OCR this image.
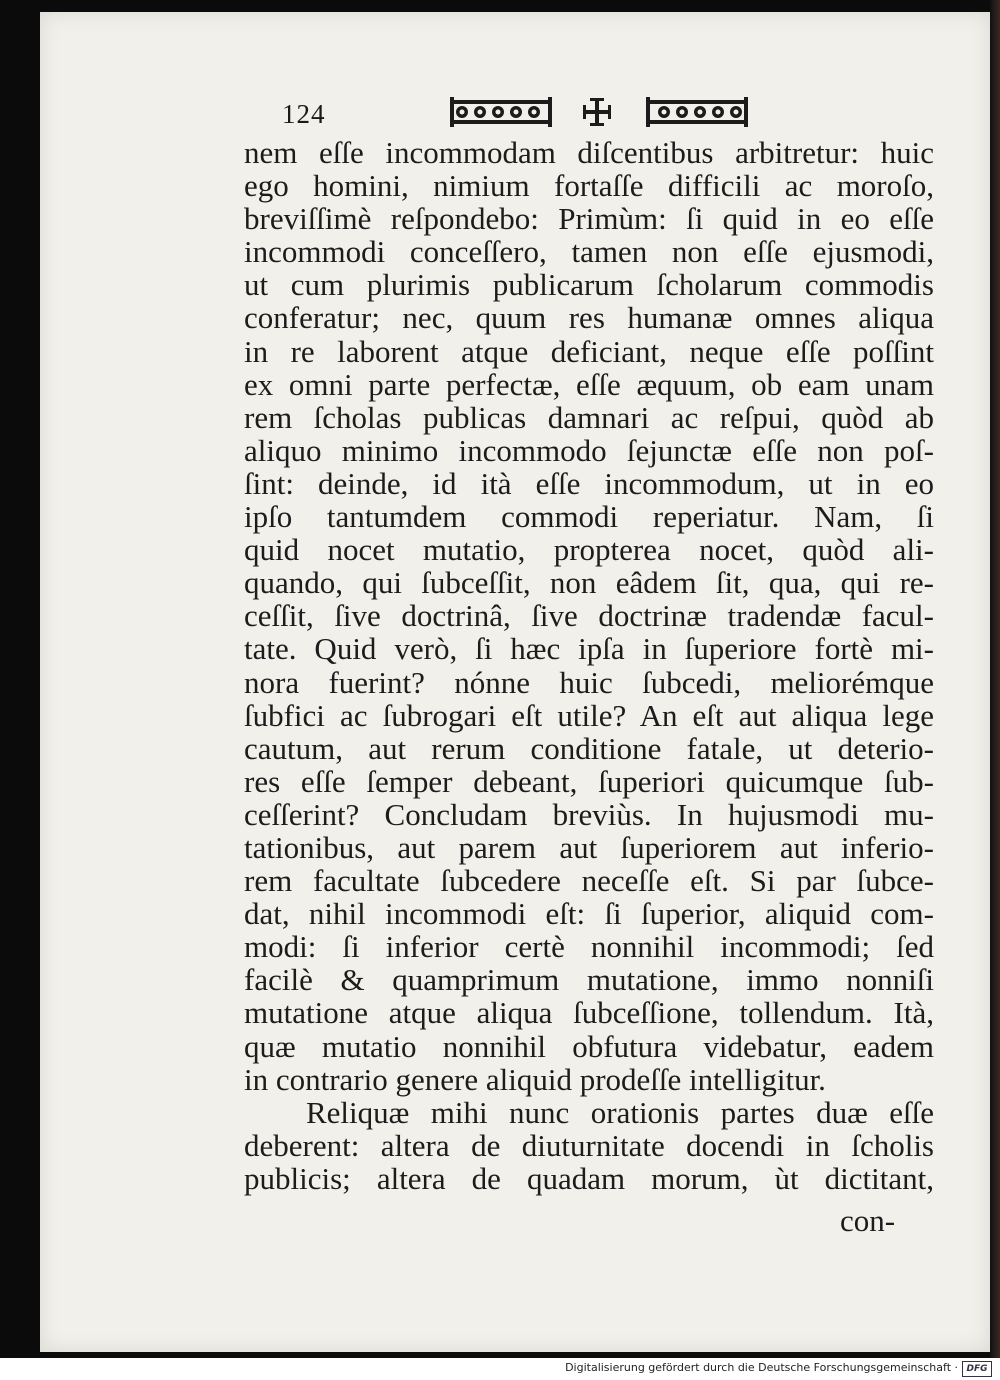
124
nem eſſe incommodam diſcentibus arbitretur: huic
ego homini, nimium fortaſſe difficili ac moroſo,
breviſſimè reſpondebo: Primùm: ſi quid in eo eſſe
incommodi conceſſero, tamen non eſſe ejusmodi,
ut cum plurimis publicarum ſcholarum commodis
conferatur; nec, quum res humanæ omnes aliqua
in re laborent atque deficiant, neque eſſe poſſint
ex omni parte perfectæ, eſſe æquum, ob eam unam
rem ſcholas publicas damnari ac reſpui, quòd ab
aliquo minimo incommodo ſejunctæ eſſe non poſ-
ſint: deinde, id ità eſſe incommodum, ut in eo
ipſo tantumdem commodi reperiatur. Nam, ſi
quid nocet mutatio, propterea nocet, quòd ali-
quando, qui ſubceſſit, non eâdem ſit, qua, qui re-
ceſſit, ſive doctrinâ, ſive doctrinæ tradendæ facul-
tate. Quid verò, ſi hæc ipſa in ſuperiore fortè mi-
nora fuerint? nónne huic ſubcedi, meliorémque
ſubfici ac ſubrogari eſt utile? An eſt aut aliqua lege
cautum, aut rerum conditione fatale, ut deterio-
res eſſe ſemper debeant, ſuperiori quicumque ſub-
ceſſerint? Concludam breviùs. In hujusmodi mu-
tationibus, aut parem aut ſuperiorem aut inferio-
rem facultate ſubcedere neceſſe eſt. Si par ſubce-
dat, nihil incommodi eſt: ſi ſuperior, aliquid com-
modi: ſi inferior certè nonnihil incommodi; ſed
facilè & quamprimum mutatione, immo nonniſi
mutatione atque aliqua ſubceſſione, tollendum. Ità,
quæ mutatio nonnihil obfutura videbatur, eadem
in contrario genere aliquid prodeſſe intelligitur.
Reliquæ mihi nunc orationis partes duæ eſſe
deberent: altera de diuturnitate docendi in ſcholis
publicis; altera de quadam morum, ùt dictitant,
con-
Digitalisierung gefördert durch die Deutsche Forschungsgemeinschaft · DFG
